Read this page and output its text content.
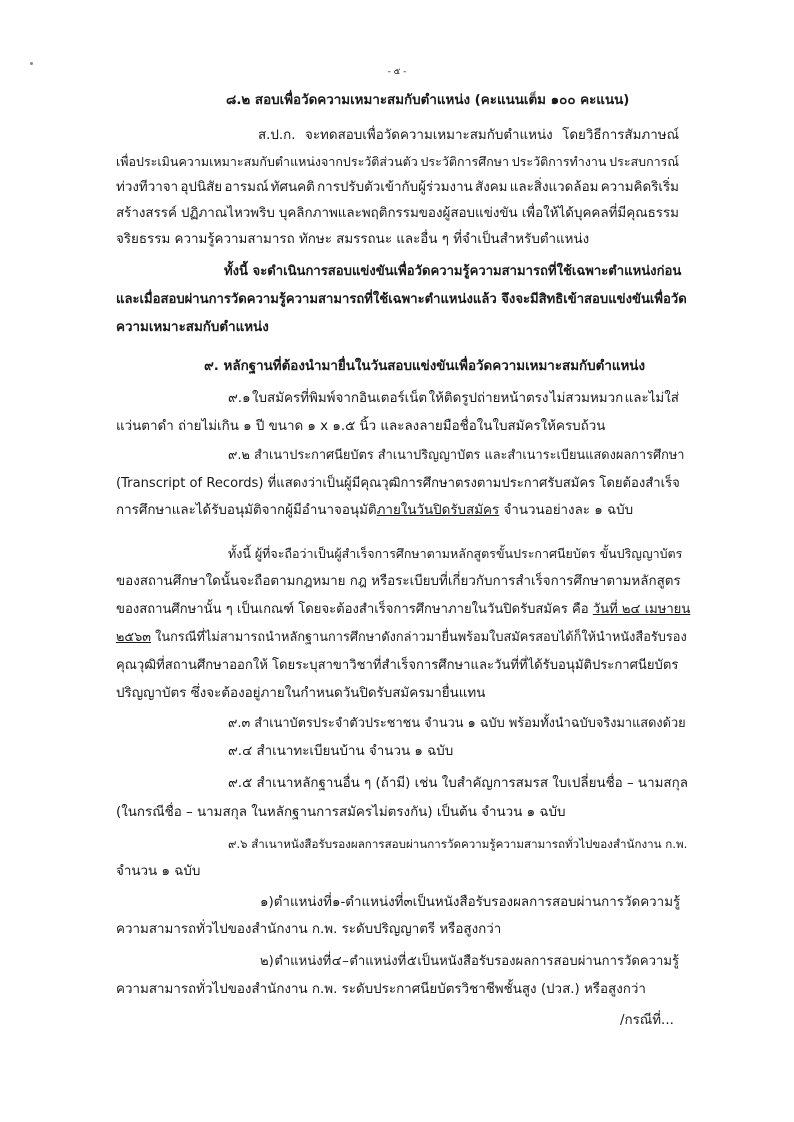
- ๕ -
๘.๒ สอบเพื่อวัดความเหมาะสมกับตำแหน่ง (คะแนนเต็ม ๑๐๐ คะแนน)
ส.ป.ก. จะทดสอบเพื่อวัดความเหมาะสมกับตำแหน่ง โดยวิธีการสัมภาษณ์
เพื่อประเมินความเหมาะสมกับตำแหน่งจากประวัติส่วนตัว ประวัติการศึกษา ประวัติการทำงาน ประสบการณ์
ท่วงทีวาจา อุปนิสัย อารมณ์ ทัศนคติ การปรับตัวเข้ากับผู้ร่วมงาน สังคม และสิ่งแวดล้อม ความคิดริเริ่ม
สร้างสรรค์ ปฏิภาณไหวพริบ บุคลิกภาพและพฤติกรรมของผู้สอบแข่งขัน เพื่อให้ได้บุคคลที่มีคุณธรรม
จริยธรรม ความรู้ความสามารถ ทักษะ สมรรถนะ และอื่น ๆ ที่จำเป็นสำหรับตำแหน่ง
ทั้งนี้ จะดำเนินการสอบแข่งขันเพื่อวัดความรู้ความสามารถที่ใช้เฉพาะตำแหน่งก่อน
และเมื่อสอบผ่านการวัดความรู้ความสามารถที่ใช้เฉพาะตำแหน่งแล้ว จึงจะมีสิทธิเข้าสอบแข่งขันเพื่อวัด
ความเหมาะสมกับตำแหน่ง
๙. หลักฐานที่ต้องนำมายื่นในวันสอบแข่งขันเพื่อวัดความเหมาะสมกับตำแหน่ง
๙.๑ ใบสมัครที่พิมพ์จากอินเตอร์เน็ต ให้ติดรูปถ่ายหน้าตรง ไม่สวมหมวก และไม่ใส่
แว่นตาดำ ถ่ายไม่เกิน ๑ ปี ขนาด ๑ x ๑.๕ นิ้ว และลงลายมือชื่อในใบสมัครให้ครบถ้วน
๙.๒ สำเนาประกาศนียบัตร สำเนาปริญญาบัตร และสำเนาระเบียนแสดงผลการศึกษา
(Transcript of Records) ที่แสดงว่าเป็นผู้มีคุณวุฒิการศึกษาตรงตามประกาศรับสมัคร โดยต้องสำเร็จ
การศึกษาและได้รับอนุมัติจากผู้มีอำนาจอนุมัติภายในวันปิดรับสมัคร จำนวนอย่างละ ๑ ฉบับ
ทั้งนี้ ผู้ที่จะถือว่าเป็นผู้สำเร็จการศึกษาตามหลักสูตรขั้นประกาศนียบัตร ขั้นปริญญาบัตร
ของสถานศึกษาใดนั้นจะถือตามกฎหมาย กฎ หรือระเบียบที่เกี่ยวกับการสำเร็จการศึกษาตามหลักสูตร
ของสถานศึกษานั้น ๆ เป็นเกณฑ์ โดยจะต้องสำเร็จการศึกษาภายในวันปิดรับสมัคร คือ วันที่ ๒๔ เมษายน
๒๕๖๓ ในกรณีที่ไม่สามารถนำหลักฐานการศึกษาดังกล่าวมายื่นพร้อมใบสมัครสอบได้ก็ให้นำหนังสือรับรอง
คุณวุฒิที่สถานศึกษาออกให้ โดยระบุสาขาวิชาที่สำเร็จการศึกษาและวันที่ที่ได้รับอนุมัติประกาศนียบัตร
ปริญญาบัตร ซึ่งจะต้องอยู่ภายในกำหนดวันปิดรับสมัครมายื่นแทน
๙.๓ สำเนาบัตรประจำตัวประชาชน จำนวน ๑ ฉบับ พร้อมทั้งนำฉบับจริงมาแสดงด้วย
๙.๔ สำเนาทะเบียนบ้าน จำนวน ๑ ฉบับ
๙.๕ สำเนาหลักฐานอื่น ๆ (ถ้ามี) เช่น ใบสำคัญการสมรส ใบเปลี่ยนชื่อ – นามสกุล
(ในกรณีชื่อ – นามสกุล ในหลักฐานการสมัครไม่ตรงกัน) เป็นต้น จำนวน ๑ ฉบับ
๙.๖ สำเนาหนังสือรับรองผลการสอบผ่านการวัดความรู้ความสามารถทั่วไปของสำนักงาน ก.พ.
จำนวน ๑ ฉบับ
๑) ตำแหน่งที่ ๑ - ตำแหน่งที่ ๓ เป็นหนังสือรับรองผลการสอบผ่านการวัดความรู้
ความสามารถทั่วไปของสำนักงาน ก.พ. ระดับปริญญาตรี หรือสูงกว่า
๒) ตำแหน่งที่ ๔ – ตำแหน่งที่ ๕ เป็นหนังสือรับรองผลการสอบผ่านการวัดความรู้
ความสามารถทั่วไปของสำนักงาน ก.พ. ระดับประกาศนียบัตรวิชาชีพชั้นสูง (ปวส.) หรือสูงกว่า
/กรณีที่...
